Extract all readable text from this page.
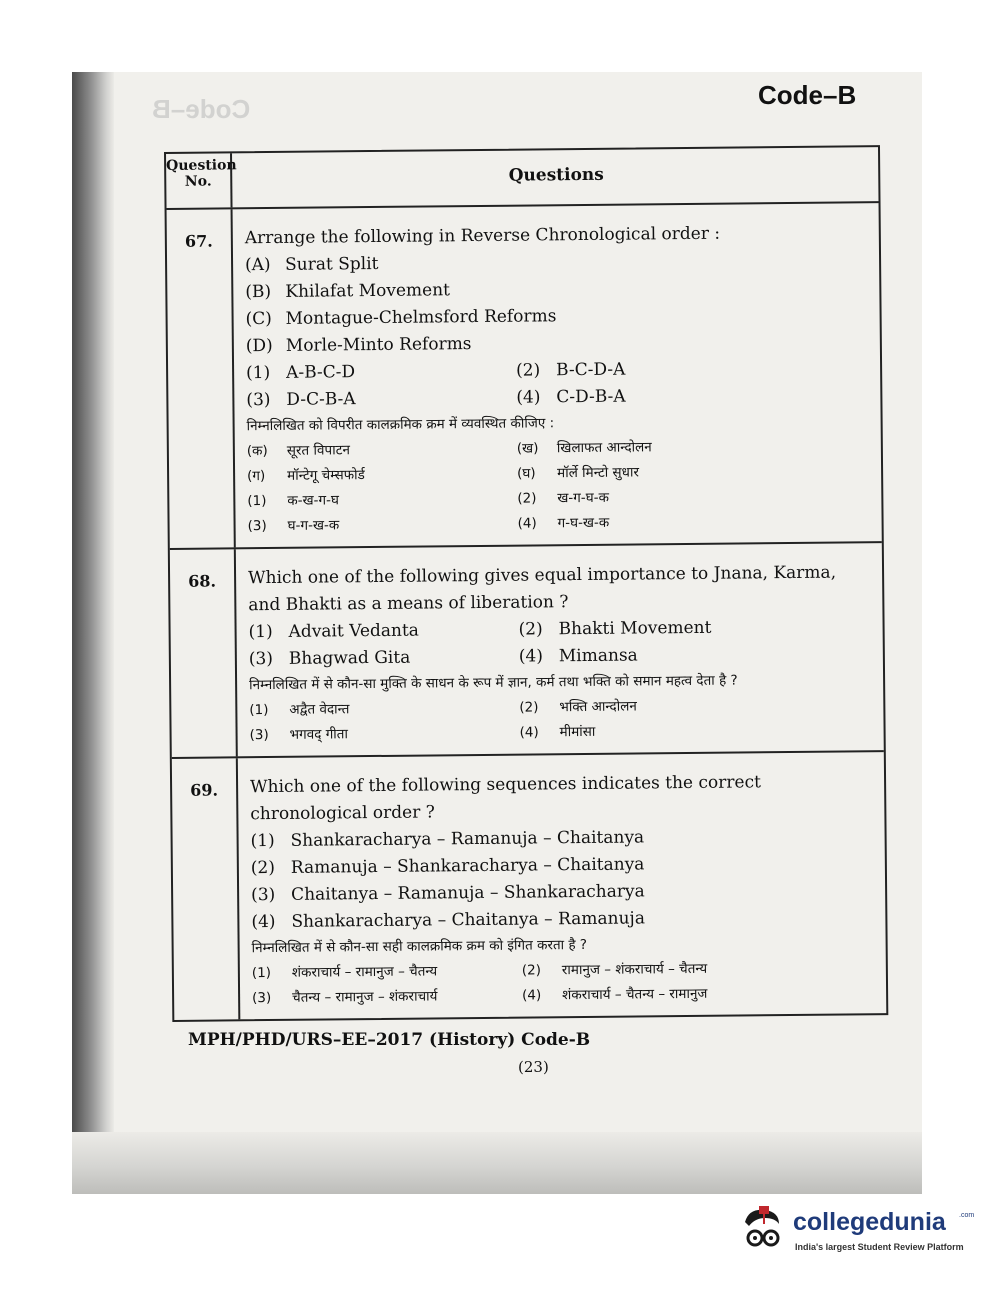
Code–B	Code–B
Question No.	Questions
67.	Arrange the following in Reverse Chronological order :
(A) Surat Split
(B) Khilafat Movement
(C) Montague-Chelmsford Reforms
(D) Morle-Minto Reforms
(1) A-B-C-D	(2) B-C-D-A
(3) D-C-B-A	(4) C-D-B-A
निम्नलिखित को विपरीत कालक्रमिक क्रम में व्यवस्थित कीजिए :
(क)	सूरत विपाटन	(ख)	खिलाफत आन्दोलन
(ग)	मॉन्टेगू चेम्सफोर्ड	(घ)	मॉर्ले मिन्टो सुधार
(1)	क-ख-ग-घ	(2)	ख-ग-घ-क
(3)	घ-ग-ख-क	(4)	ग-घ-ख-क
68.	Which one of the following gives equal importance to Jnana, Karma, and Bhakti as a means of liberation ?
(1) Advait Vedanta	(2) Bhakti Movement
(3) Bhagwad Gita	(4) Mimansa
निम्नलिखित में से कौन-सा मुक्ति के साधन के रूप में ज्ञान, कर्म तथा भक्ति को समान महत्व देता है ?
(1)	अद्वैत वेदान्त	(2)	भक्ति आन्दोलन
(3)	भगवद् गीता	(4)	मीमांसा
69.	Which one of the following sequences indicates the correct chronological order ?
(1) Shankaracharya – Ramanuja – Chaitanya
(2) Ramanuja – Shankaracharya – Chaitanya
(3) Chaitanya – Ramanuja – Shankaracharya
(4) Shankaracharya – Chaitanya – Ramanuja
निम्नलिखित में से कौन-सा सही कालक्रमिक क्रम को इंगित करता है ?
(1)	शंकराचार्य – रामानुज – चैतन्य	(2)	रामानुज – शंकराचार्य – चैतन्य
(3)	चैतन्य – रामानुज – शंकराचार्य	(4)	शंकराचार्य – चैतन्य – रामानुज
MPH/PHD/URS–EE–2017 (History) Code-B
(23)
collegedunia .com
India's largest Student Review Platform
